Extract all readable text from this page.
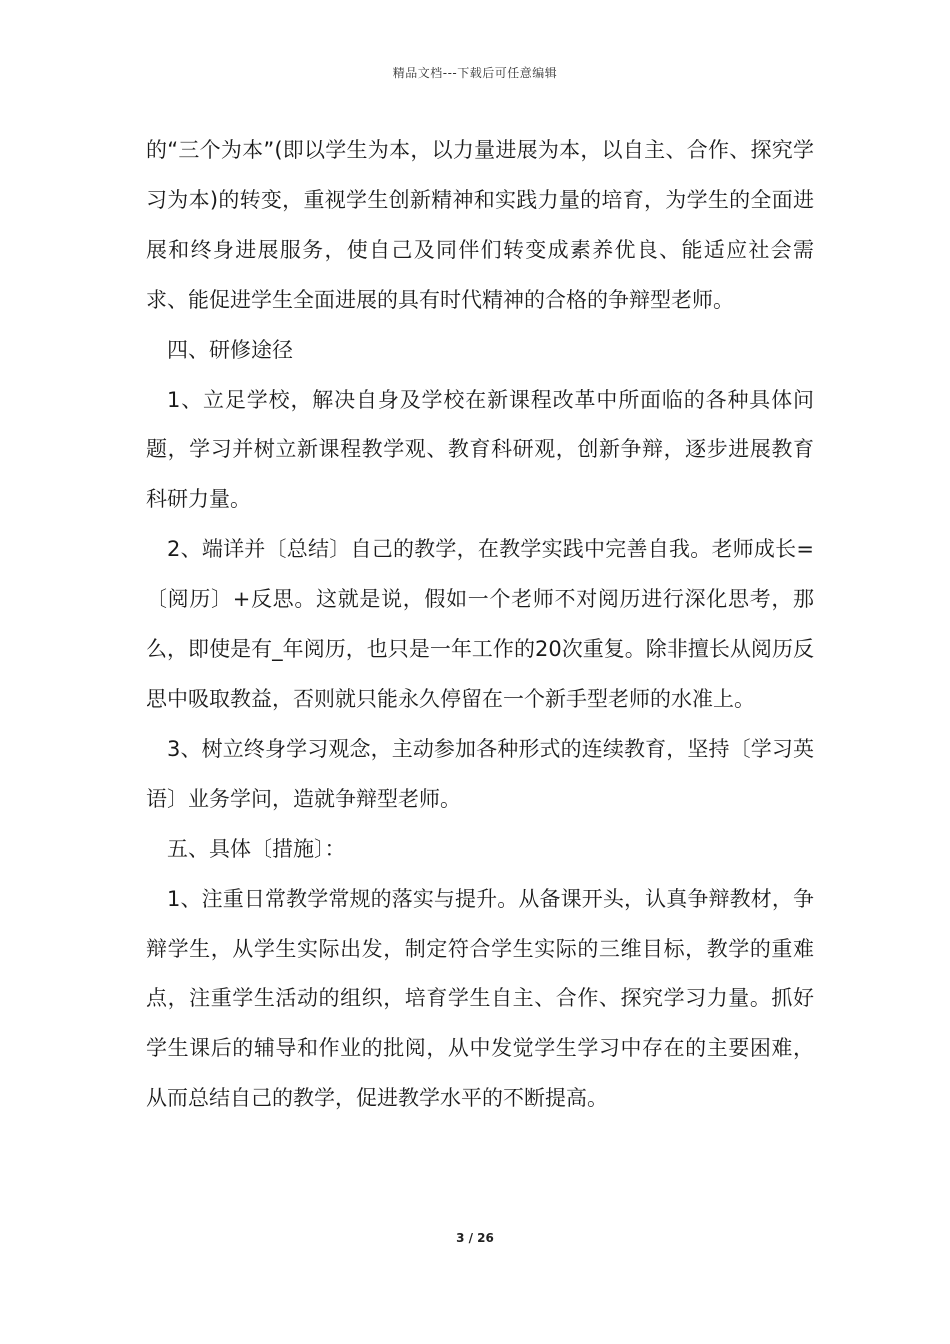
精品文档---下载后可任意编辑

的“三个为本”(即以学生为本，以力量进展为本，以自主、合作、探究学习为本)的转变，重视学生创新精神和实践力量的培育，为学生的全面进展和终身进展服务，使自己及同伴们转变成素养优良、能适应社会需求、能促进学生全面进展的具有时代精神的合格的争辩型老师。

四、研修途径

1、立足学校，解决自身及学校在新课程改革中所面临的各种具体问题，学习并树立新课程教学观、教育科研观，创新争辩，逐步进展教育科研力量。

2、端详并〔总结〕自己的教学，在教学实践中完善自我。老师成长=〔阅历〕+反思。这就是说，假如一个老师不对阅历进行深化思考，那么，即使是有_年阅历，也只是一年工作的20次重复。除非擅长从阅历反思中吸取教益，否则就只能永久停留在一个新手型老师的水准上。

3、树立终身学习观念，主动参加各种形式的连续教育，坚持〔学习英语〕业务学问，造就争辩型老师。

五、具体〔措施〕：

1、注重日常教学常规的落实与提升。从备课开头，认真争辩教材，争辩学生，从学生实际出发，制定符合学生实际的三维目标，教学的重难点，注重学生活动的组织，培育学生自主、合作、探究学习力量。抓好学生课后的辅导和作业的批阅，从中发觉学生学习中存在的主要困难，从而总结自己的教学，促进教学水平的不断提高。

3 / 26
